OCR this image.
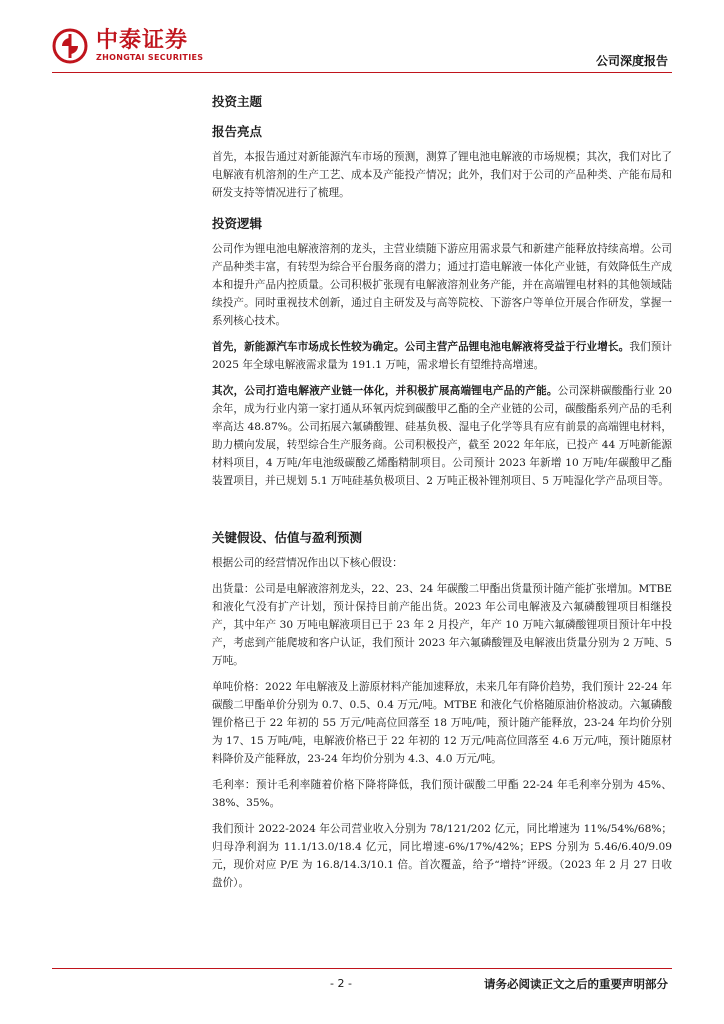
中泰证券
ZHONGTAI SECURITIES	公司深度报告

投资主题

报告亮点

首先，本报告通过对新能源汽车市场的预测，测算了锂电池电解液的市场规模；其次，我们对比了电解液有机溶剂的生产工艺、成本及产能投产情况；此外，我们对于公司的产品种类、产能布局和研发支持等情况进行了梳理。

投资逻辑

公司作为锂电池电解液溶剂的龙头，主营业绩随下游应用需求景气和新建产能释放持续高增。公司产品种类丰富，有转型为综合平台服务商的潜力；通过打造电解液一体化产业链，有效降低生产成本和提升产品内控质量。公司积极扩张现有电解液溶剂业务产能，并在高端锂电材料的其他领域陆续投产。同时重视技术创新，通过自主研发及与高等院校、下游客户等单位开展合作研发，掌握一系列核心技术。

首先，新能源汽车市场成长性较为确定。公司主营产品锂电池电解液将受益于行业增长。我们预计 2025 年全球电解液需求量为 191.1 万吨，需求增长有望维持高增速。

其次，公司打造电解液产业链一体化，并积极扩展高端锂电产品的产能。公司深耕碳酸酯行业 20 余年，成为行业内第一家打通从环氧丙烷到碳酸甲乙酯的全产业链的公司，碳酸酯系列产品的毛利率高达 48.87%。公司拓展六氟磷酸锂、硅基负极、湿电子化学等具有应有前景的高端锂电材料，助力横向发展，转型综合生产服务商。公司积极投产，截至 2022 年年底，已投产 44 万吨新能源材料项目，4 万吨/年电池级碳酸乙烯酯精制项目。公司预计 2023 年新增 10 万吨/年碳酸甲乙酯装置项目，并已规划 5.1 万吨硅基负极项目、2 万吨正极补锂剂项目、5 万吨湿化学产品项目等。

关键假设、估值与盈利预测

根据公司的经营情况作出以下核心假设：

出货量：公司是电解液溶剂龙头，22、23、24 年碳酸二甲酯出货量预计随产能扩张增加。MTBE 和液化气没有扩产计划，预计保持目前产能出货。2023 年公司电解液及六氟磷酸锂项目相继投产，其中年产 30 万吨电解液项目已于 23 年 2 月投产，年产 10 万吨六氟磷酸锂项目预计年中投产，考虑到产能爬坡和客户认证，我们预计 2023 年六氟磷酸锂及电解液出货量分别为 2 万吨、5 万吨。

单吨价格：2022 年电解液及上游原材料产能加速释放，未来几年有降价趋势，我们预计 22-24 年碳酸二甲酯单价分别为 0.7、0.5、0.4 万元/吨。MTBE 和液化气价格随原油价格波动。六氟磷酸锂价格已于 22 年初的 55 万元/吨高位回落至 18 万吨/吨，预计随产能释放，23-24 年均价分别为 17、15 万吨/吨，电解液价格已于 22 年初的 12 万元/吨高位回落至 4.6 万元/吨，预计随原材料降价及产能释放，23-24 年均价分别为 4.3、4.0 万元/吨。

毛利率：预计毛利率随着价格下降将降低，我们预计碳酸二甲酯 22-24 年毛利率分别为 45%、38%、35%。

我们预计 2022-2024 年公司营业收入分别为 78/121/202 亿元，同比增速为 11%/54%/68%；归母净利润为 11.1/13.0/18.4 亿元，同比增速-6%/17%/42%；EPS 分别为 5.46/6.40/9.09 元，现价对应 P/E 为 16.8/14.3/10.1 倍。首次覆盖，给予“增持”评级。（2023 年 2 月 27 日收盘价）。

- 2 -	请务必阅读正文之后的重要声明部分
